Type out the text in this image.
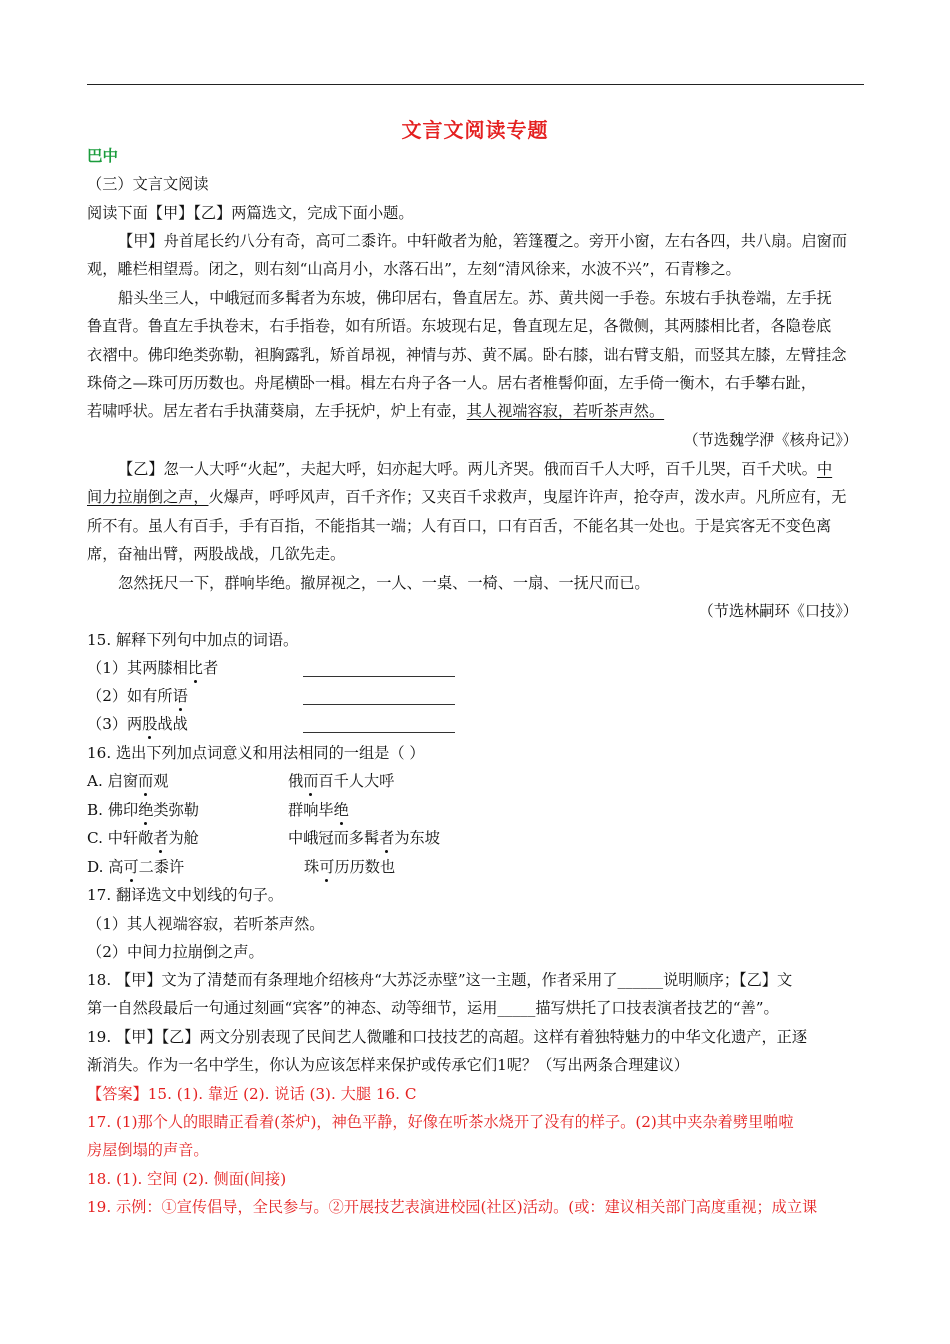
文言文阅读专题
巴中
（三）文言文阅读
阅读下面【甲】【乙】两篇选文，完成下面小题。
【甲】舟首尾长约八分有奇，高可二黍许。中轩敞者为舱，箬篷覆之。旁开小窗，左右各四，共八扇。启窗而
观，雕栏相望焉。闭之，则右刻“山高月小，水落石出”，左刻“清风徐来，水波不兴”，石青糁之。
船头坐三人，中峨冠而多髯者为东坡，佛印居右，鲁直居左。苏、黄共阅一手卷。东坡右手执卷端，左手抚
鲁直背。鲁直左手执卷末，右手指卷，如有所语。东坡现右足，鲁直现左足，各微侧，其两膝相比者，各隐卷底
衣褶中。佛印绝类弥勒，袒胸露乳，矫首昂视，神情与苏、黄不属。卧右膝，诎右臂支船，而竖其左膝，左臂挂念
珠倚之—珠可历历数也。舟尾横卧一楫。楫左右舟子各一人。居右者椎髻仰面，左手倚一衡木，右手攀右趾，
若啸呼状。居左者右手执蒲葵扇，左手抚炉，炉上有壶，其人视端容寂，若听茶声然。
（节选魏学洢《核舟记》）
【乙】忽一人大呼“火起”，夫起大呼，妇亦起大呼。两儿齐哭。俄而百千人大呼，百千儿哭，百千犬吠。中
间力拉崩倒之声，火爆声，呼呼风声，百千齐作；又夹百千求救声，曳屋许许声，抢夺声，泼水声。凡所应有，无
所不有。虽人有百手，手有百指，不能指其一端；人有百口，口有百舌，不能名其一处也。于是宾客无不变色离
席，奋袖出臂，两股战战，几欲先走。
忽然抚尺一下，群响毕绝。撤屏视之，一人、一桌、一椅、一扇、一抚尺而已。
（节选林嗣环《口技》）
15. 解释下列句中加点的词语。
（1）其两膝相比者
（2）如有所语
（3）两股战战
16. 选出下列加点词意义和用法相同的一组是（ ）
A. 启窗而观	俄而百千人大呼
B. 佛印绝类弥勒	群响毕绝
C. 中轩敞者为舱	中峨冠而多髯者为东坡
D. 高可二黍许	珠可历历数也
17. 翻译选文中划线的句子。
（1）其人视端容寂，若听茶声然。
（2）中间力拉崩倒之声。
18. 【甲】文为了清楚而有条理地介绍核舟“大苏泛赤壁”这一主题，作者采用了______说明顺序；【乙】文
第一自然段最后一句通过刻画“宾客”的神态、动等细节，运用_____描写烘托了口技表演者技艺的“善”。
19. 【甲】【乙】两文分别表现了民间艺人微雕和口技技艺的高超。这样有着独特魅力的中华文化遗产，正逐
渐消失。作为一名中学生，你认为应该怎样来保护或传承它们1呢？（写出两条合理建议）
【答案】15. (1). 靠近 (2). 说话 (3). 大腿 16. C
17. (1)那个人的眼睛正看着(茶炉)，神色平静，好像在听茶水烧开了没有的样子。(2)其中夹杂着劈里啪啦
房屋倒塌的声音。
18. (1). 空间 (2). 侧面(间接)
19. 示例：①宣传倡导，全民参与。②开展技艺表演进校园(社区)活动。(或：建议相关部门高度重视；成立课
